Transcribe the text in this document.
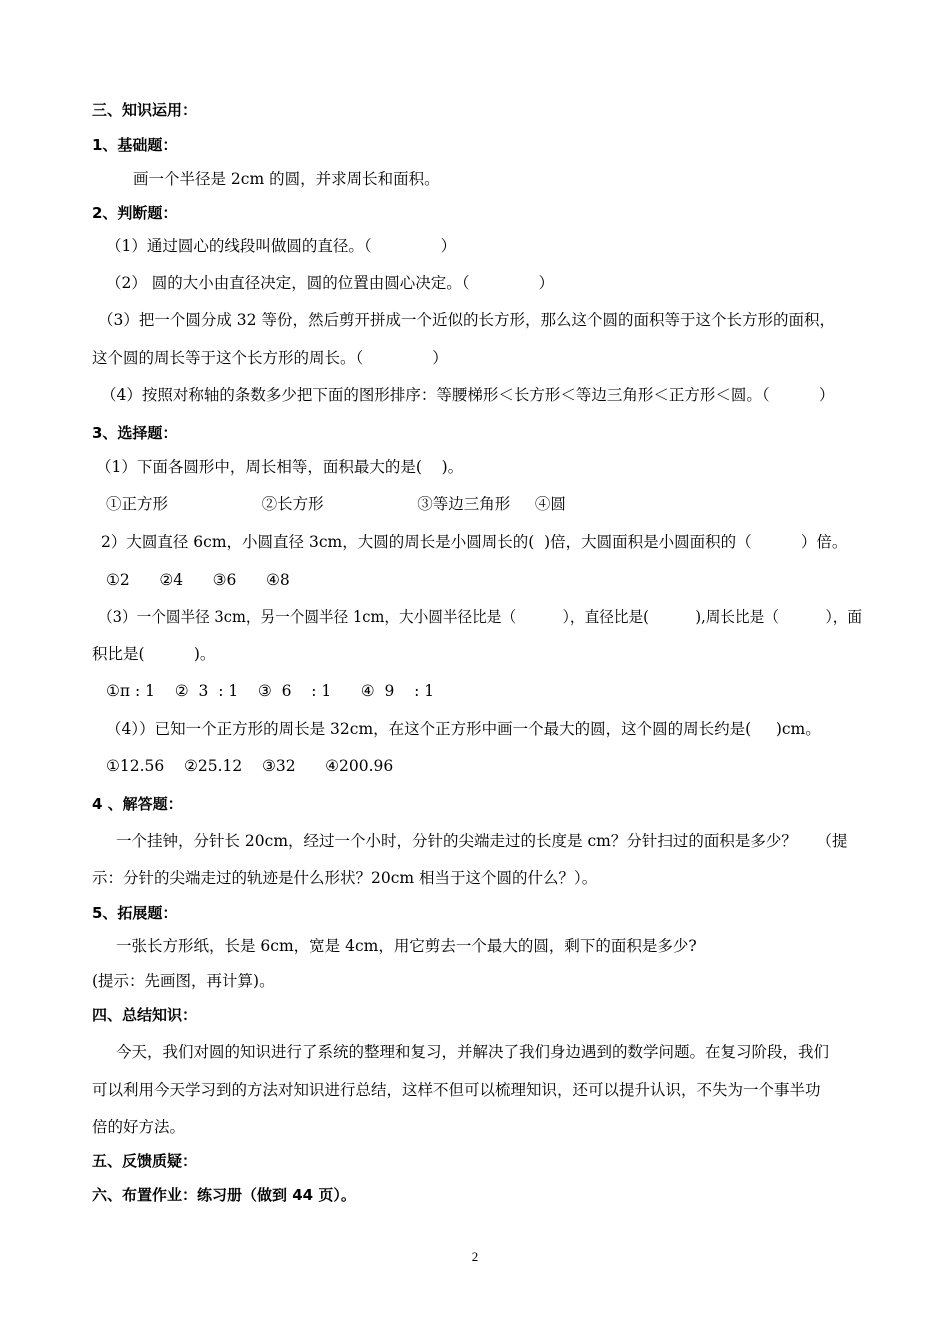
三、知识运用：
1、基础题：
画一个半径是 2cm 的圆，并求周长和面积。
2、判断题：
（1）通过圆心的线段叫做圆的直径。（              ）
（2） 圆的大小由直径决定，圆的位置由圆心决定。（              ）
（3）把一个圆分成 32 等份，然后剪开拼成一个近似的长方形，那么这个圆的面积等于这个长方形的面积，
这个圆的周长等于这个长方形的周长。（              ）
（4）按照对称轴的条数多少把下面的图形排序：等腰梯形＜长方形＜等边三角形＜正方形＜圆。（          ）
3、选择题：
（1）下面各圆形中，周长相等，面积最大的是(    )。
①正方形                   ②长方形                   ③等边三角形     ④圆
2）大圆直径 6cm，小圆直径 3cm，大圆的周长是小圆周长的(  )倍，大圆面积是小圆面积的（          ）倍。
①2      ②4      ③6      ④8
（3）一个圆半径 3cm，另一个圆半径 1cm，大小圆半径比是（          ），直径比是(          ),周长比是（          ），面
积比是(          )。
①π : 1    ②  3  : 1    ③  6    : 1      ④  9    : 1
（4））已知一个正方形的周长是 32cm，在这个正方形中画一个最大的圆，这个圆的周长约是(     )cm。
①12.56    ②25.12    ③32      ④200.96
4 、解答题：
一个挂钟，分针长 20cm，经过一个小时，分针的尖端走过的长度是 cm？分针扫过的面积是多少？    （提
示：分针的尖端走过的轨迹是什么形状？20cm 相当于这个圆的什么？）。
5、拓展题：
一张长方形纸，长是 6cm，宽是 4cm，用它剪去一个最大的圆，剩下的面积是多少?
(提示：先画图，再计算)。
四、总结知识：
今天，我们对圆的知识进行了系统的整理和复习，并解决了我们身边遇到的数学问题。在复习阶段，我们
可以利用今天学习到的方法对知识进行总结，这样不但可以梳理知识，还可以提升认识，不失为一个事半功
倍的好方法。
五、反馈质疑：
六、布置作业：练习册（做到 44 页）。
2
